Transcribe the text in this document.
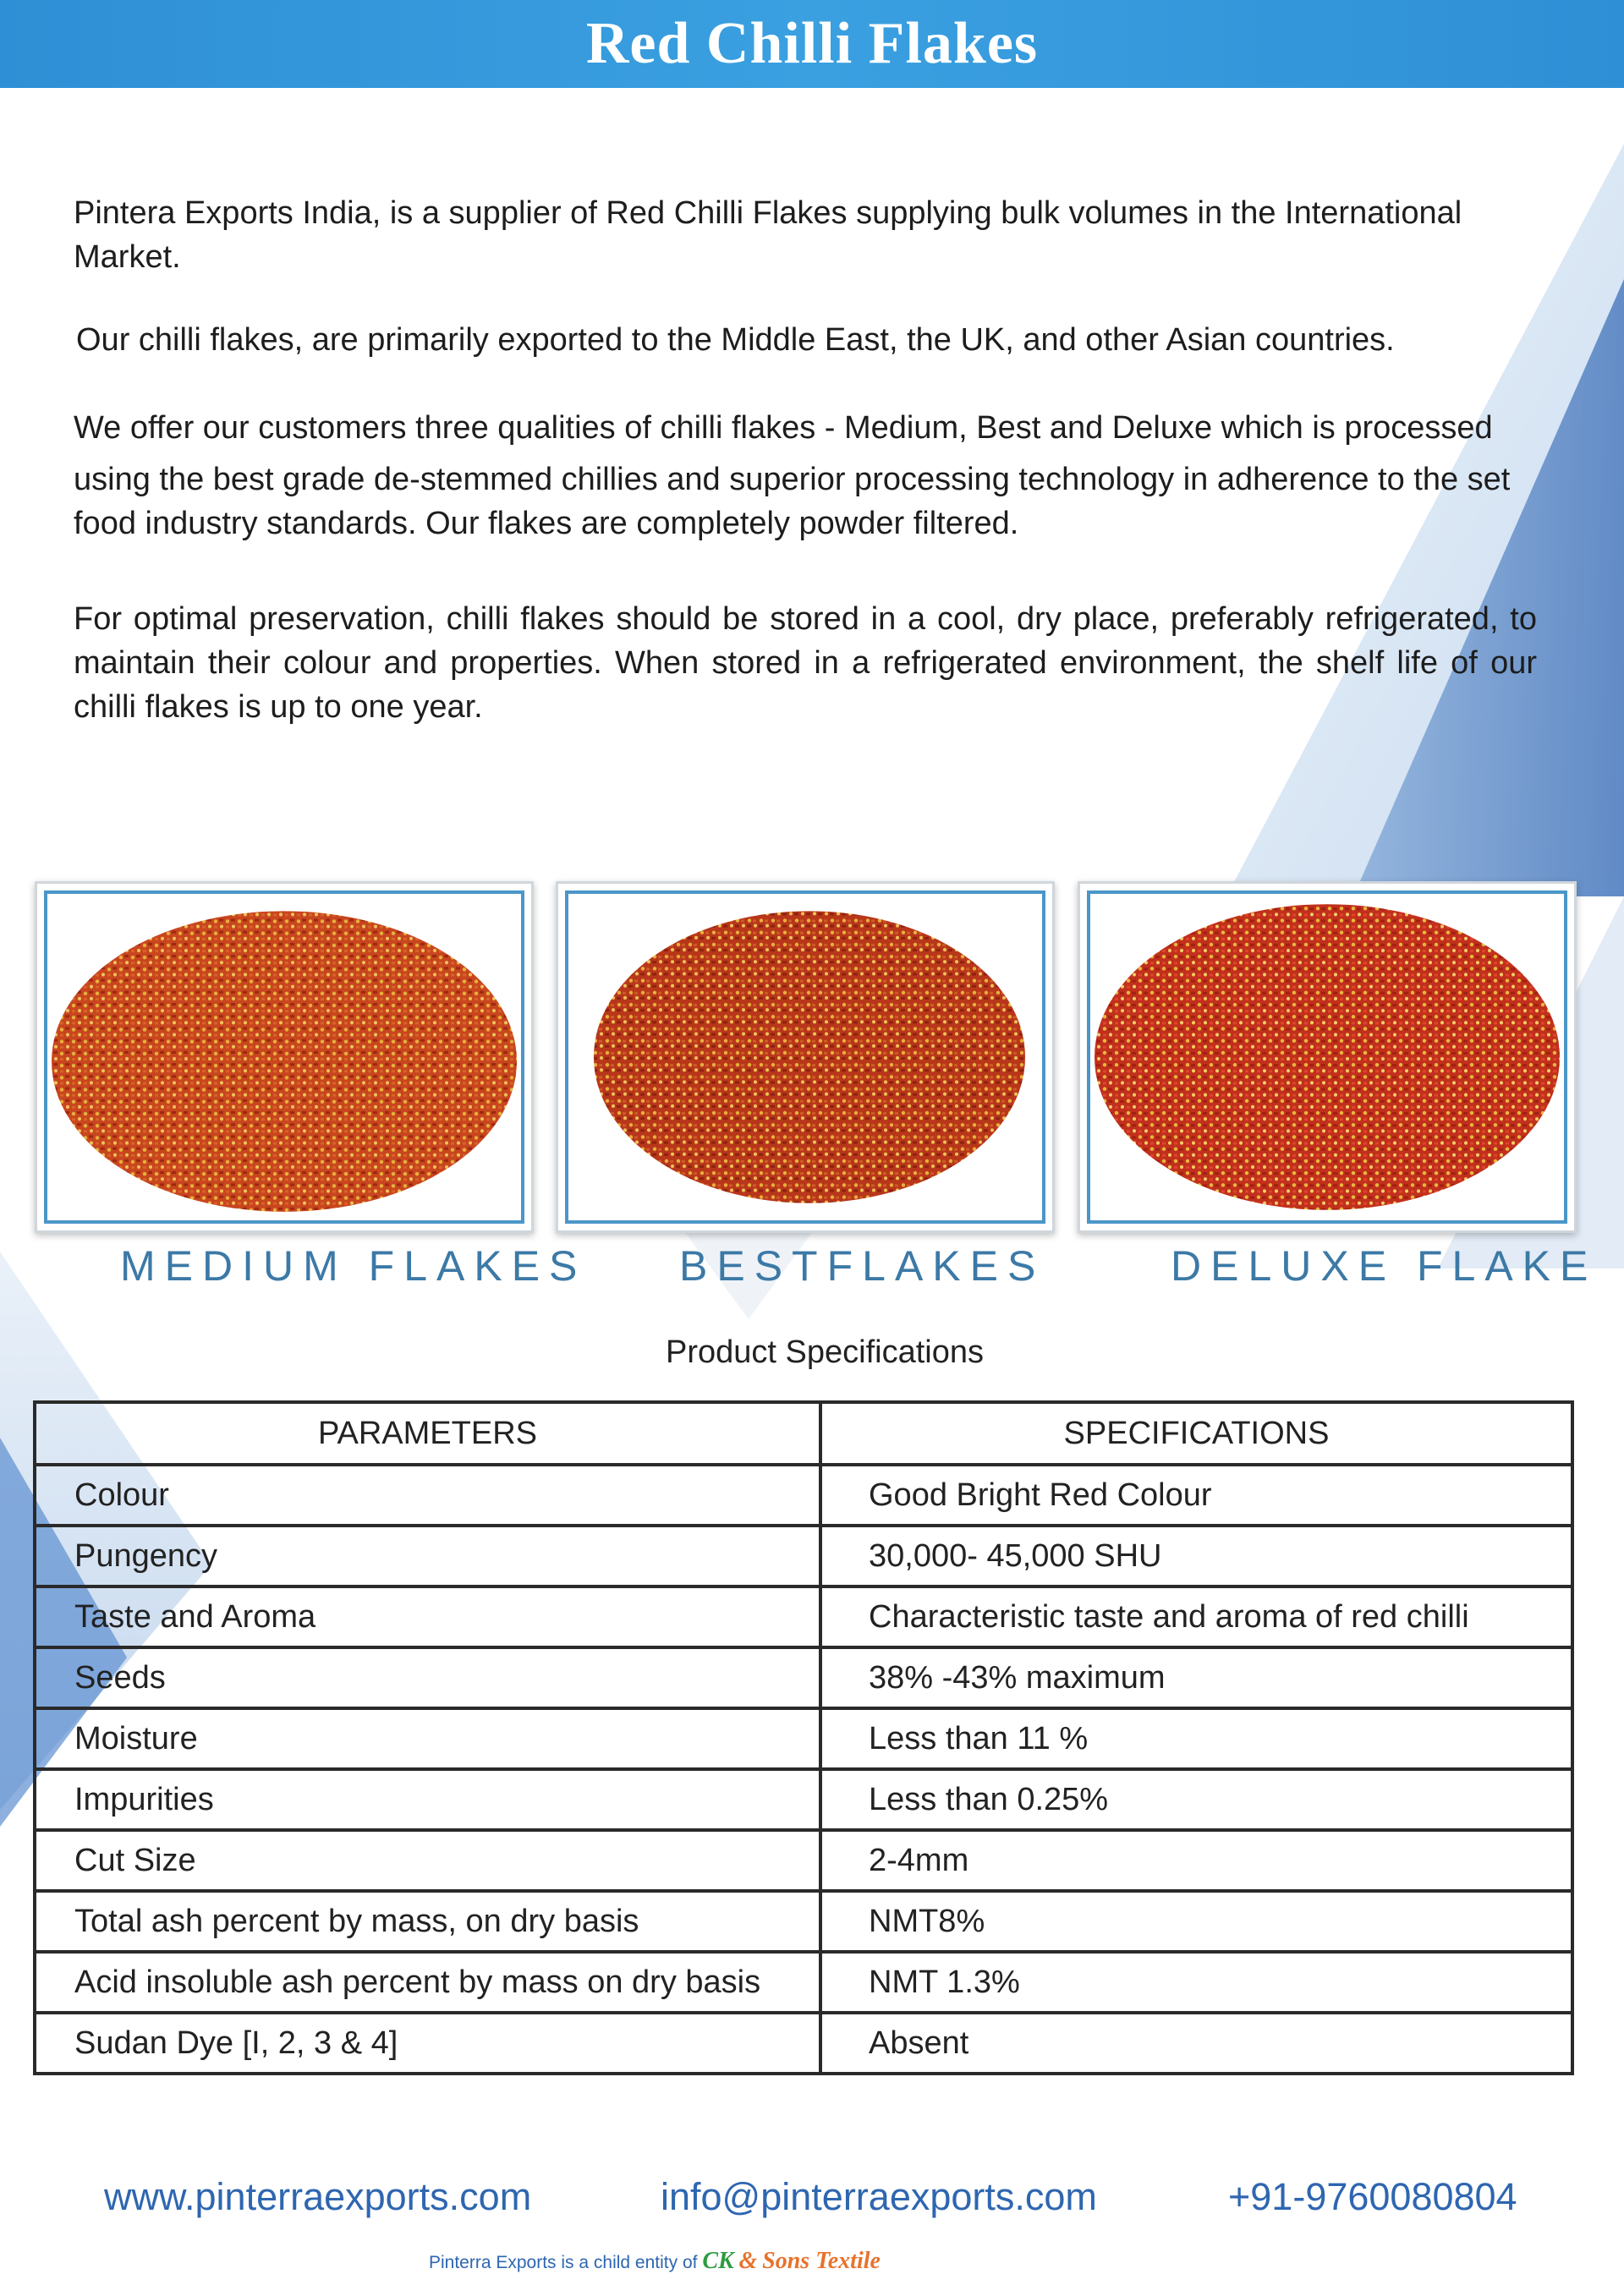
Red Chilli Flakes
Pintera Exports India, is a supplier of Red Chilli Flakes supplying bulk volumes in the International Market.
Our chilli flakes, are primarily exported to the Middle East, the UK, and other Asian countries.
We offer our customers three qualities of chilli flakes - Medium, Best and Deluxe which is processed
using the best grade de-stemmed chillies and superior processing technology in adherence to the set food industry standards. Our flakes are completely powder filtered.
For optimal preservation, chilli flakes should be stored in a cool, dry place, preferably refrigerated, to maintain their colour and properties. When stored in a refrigerated environment, the shelf life of our chilli flakes is up to one year.
MEDIUM FLAKES BESTFLAKES	DELUXE FLAKE
Product Specifications
PARAMETERS	SPECIFICATIONS
Colour	Good Bright Red Colour
Pungency	30,000- 45,000 SHU
Taste and Aroma	Characteristic taste and aroma of red chilli
Seeds	38% -43% maximum
Moisture	Less than 11 %
Impurities	Less than 0.25%
Cut Size	2-4mm
Total ash percent by mass, on dry basis	NMT8%
Acid insoluble ash percent by mass on dry basis	NMT 1.3%
Sudan Dye [I, 2, 3 & 4]	Absent
www.pinterraexports.com	info@pinterraexports.com	+91-9760080804
Pinterra Exports is a child entity of CK & Sons Textile
